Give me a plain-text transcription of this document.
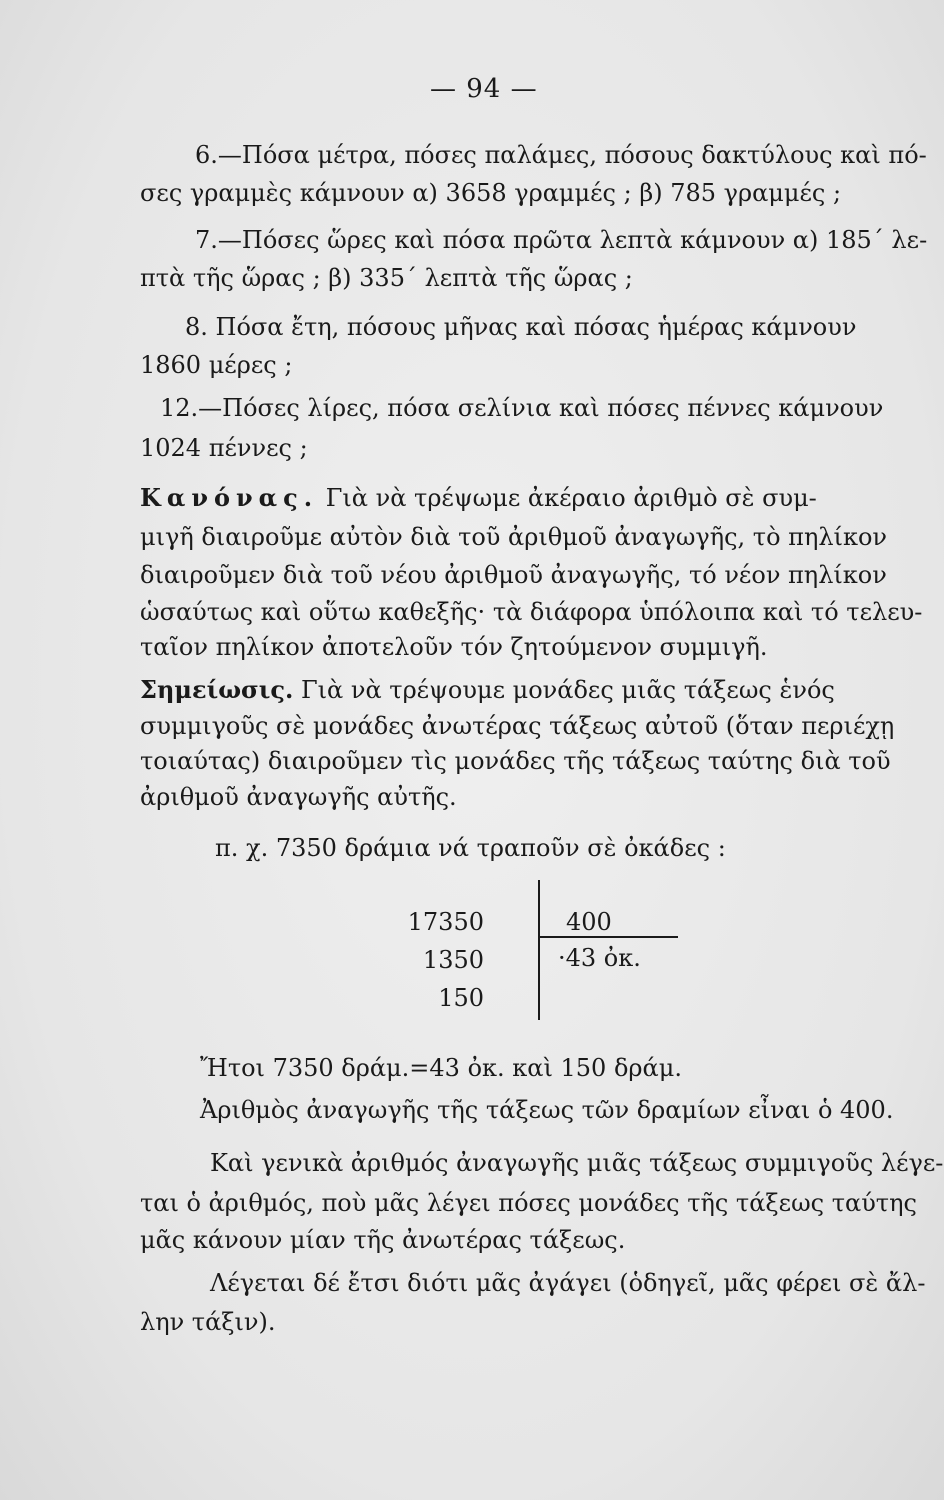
— 94 —
6.—Πόσα μέτρα, πόσες παλάμες, πόσους δακτύλους καὶ πό-
σες γραμμὲς κάμνουν α) 3658 γραμμές ; β) 785 γραμμές ;
7.—Πόσες ὥρες καὶ πόσα πρῶτα λεπτὰ κάμνουν α) 185΄ λε-
πτὰ τῆς ὥρας ; β) 335΄ λεπτὰ τῆς ὥρας ;
8. Πόσα ἔτη, πόσους μῆνας καὶ πόσας ἡμέρας κάμνουν
1860 μέρες ;
12.—Πόσες λίρες, πόσα σελίνια καὶ πόσες πέννες κάμνουν
1024 πέννες ;
Κανόνας. Γιὰ νὰ τρέψωμε ἀκέραιο ἀριθμὸ σὲ συμ-
μιγῆ διαιροῦμε αὐτὸν διὰ τοῦ ἀριθμοῦ ἀναγωγῆς, τὸ πηλίκον
διαιροῦμεν διὰ τοῦ νέου ἀριθμοῦ ἀναγωγῆς, τό νέον πηλίκον
ὡσαύτως καὶ οὕτω καθεξῆς· τὰ διάφορα ὑπόλοιπα καὶ τό τελευ-
ταῖον πηλίκον ἀποτελοῦν τόν ζητούμενον συμμιγῆ.
Σημείωσις. Γιὰ νὰ τρέψουμε μονάδες μιᾶς τάξεως ἑνός
συμμιγοῦς σὲ μονάδες ἀνωτέρας τάξεως αὐτοῦ (ὅταν περιέχῃ
τοιαύτας) διαιροῦμεν τὶς μονάδες τῆς τάξεως ταύτης διὰ τοῦ
ἀριθμοῦ ἀναγωγῆς αὐτῆς.
π. χ. 7350 δράμια νά τραποῦν σὲ ὀκάδες :
17350
1350
150
400
·43 ὀκ.
Ἤτοι 7350 δράμ.=43 ὀκ. καὶ 150 δράμ.
Ἀριθμὸς ἀναγωγῆς τῆς τάξεως τῶν δραμίων εἶναι ὁ 400.
Καὶ γενικὰ ἀριθμός ἀναγωγῆς μιᾶς τάξεως συμμιγοῦς λέγε-
ται ὁ ἀριθμός, ποὺ μᾶς λέγει πόσες μονάδες τῆς τάξεως ταύτης
μᾶς κάνουν μίαν τῆς ἀνωτέρας τάξεως.
Λέγεται δέ ἔτσι διότι μᾶς ἀγάγει (ὁδηγεῖ, μᾶς φέρει σὲ ἄλ-
λην τάξιν).
